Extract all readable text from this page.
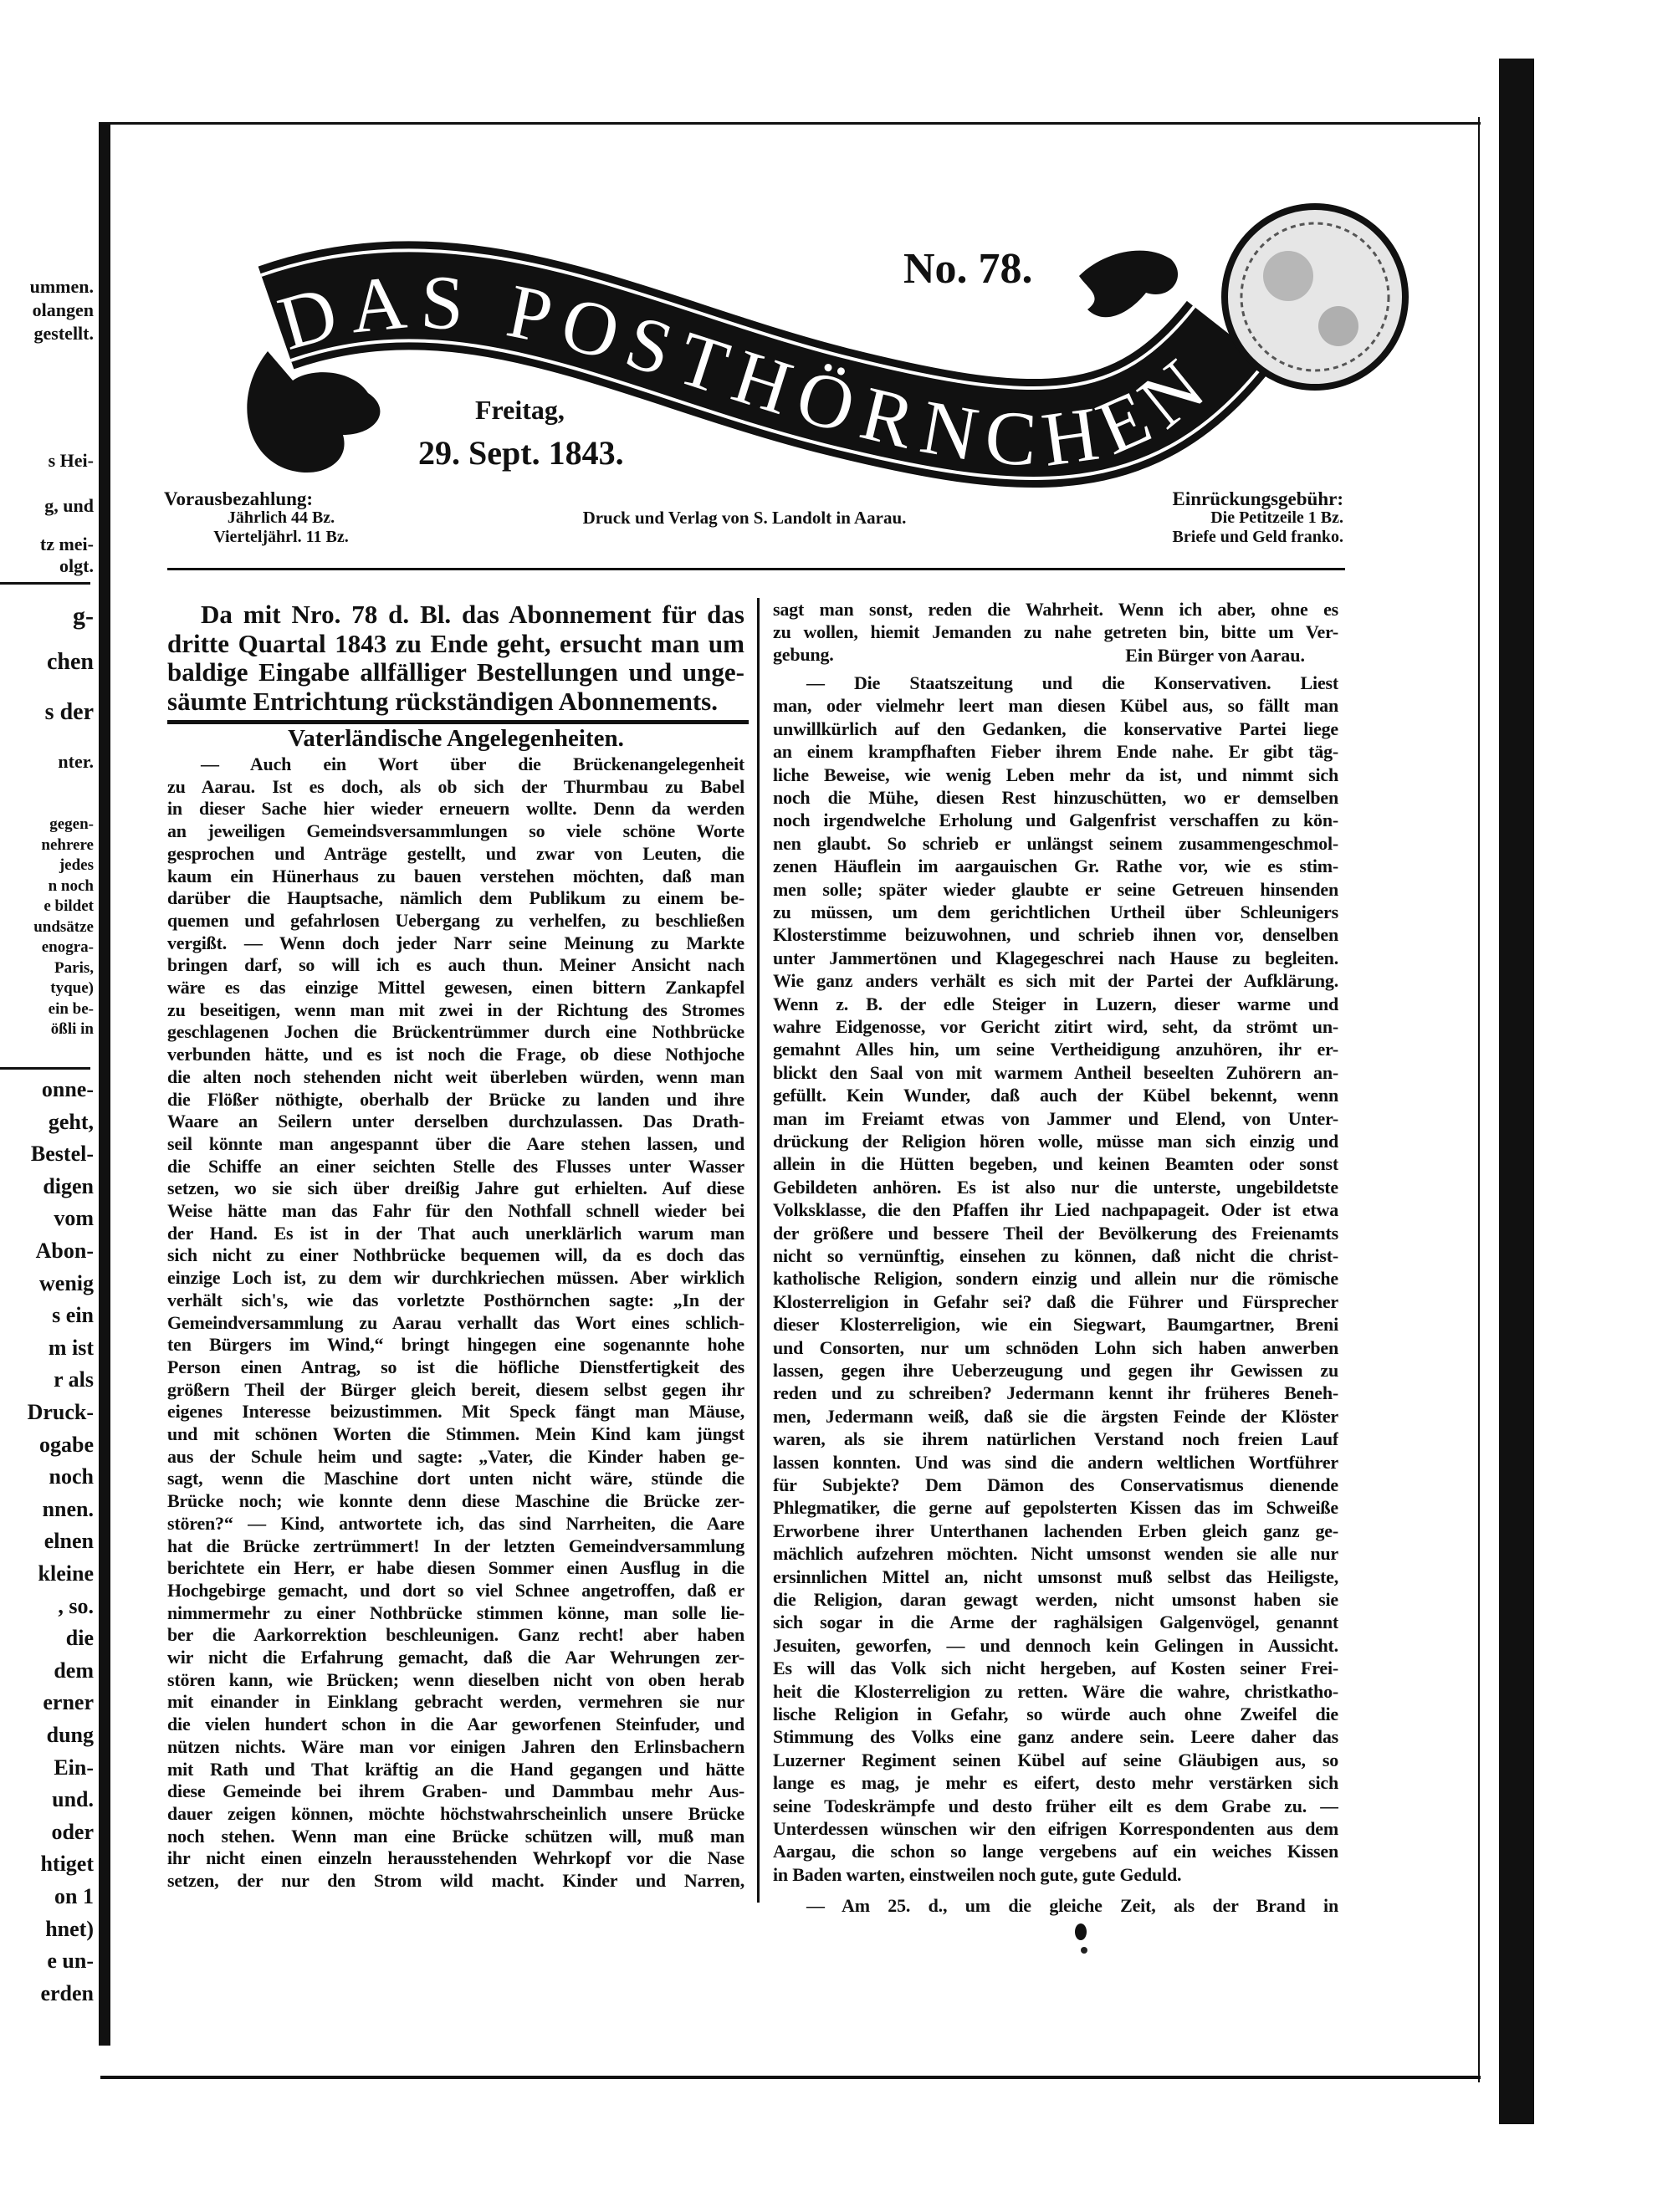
ummen.
olangen
gestellt.
s Hei-
g, und
tz mei-
olgt.
g-
chen
s der
nter.
gegen-
nehrere
jedes
n noch
e bildet
undsätze
enogra-
Paris,
tyque)
ein be-
ößli in
onne-
geht,
Bestel-
digen
vom
Abon-
wenig
s ein
m ist
r als
Druck-
ogabe
noch
nnen.
elnen
kleine
, so.
die
dem
erner
dung
Ein-
und.
oder
htiget
on 1
hnet)
e un-
erden
DAS POSTHÖRNCHEN
No. 78.
Freitag,
29. Sept. 1843.
Vorausbezahlung:
Jährlich 44 Bz.
Vierteljährl. 11 Bz.
Druck und Verlag von S. Landolt in Aarau.
Einrückungsgebühr:
Die Petitzeile 1 Bz.
Briefe und Geld franko.
Da mit Nro. 78 d. Bl. das Abonnement für das
dritte Quartal 1843 zu Ende geht, ersucht man um
baldige Eingabe allfälliger Bestellungen und unge-
säumte Entrichtung rückständigen Abonnements.
Vaterländische Angelegenheiten.
— Auch ein Wort über die Brückenangelegenheit
zu Aarau. Ist es doch, als ob sich der Thurmbau zu Babel
in dieser Sache hier wieder erneuern wollte. Denn da werden
an jeweiligen Gemeindsversammlungen so viele schöne Worte
gesprochen und Anträge gestellt, und zwar von Leuten, die
kaum ein Hünerhaus zu bauen verstehen möchten, daß man
darüber die Hauptsache, nämlich dem Publikum zu einem be-
quemen und gefahrlosen Uebergang zu verhelfen, zu beschließen
vergißt. — Wenn doch jeder Narr seine Meinung zu Markte
bringen darf, so will ich es auch thun. Meiner Ansicht nach
wäre es das einzige Mittel gewesen, einen bittern Zankapfel
zu beseitigen, wenn man mit zwei in der Richtung des Stromes
geschlagenen Jochen die Brückentrümmer durch eine Nothbrücke
verbunden hätte, und es ist noch die Frage, ob diese Nothjoche
die alten noch stehenden nicht weit überleben würden, wenn man
die Flößer nöthigte, oberhalb der Brücke zu landen und ihre
Waare an Seilern unter derselben durchzulassen. Das Drath-
seil könnte man angespannt über die Aare stehen lassen, und
die Schiffe an einer seichten Stelle des Flusses unter Wasser
setzen, wo sie sich über dreißig Jahre gut erhielten. Auf diese
Weise hätte man das Fahr für den Nothfall schnell wieder bei
der Hand. Es ist in der That auch unerklärlich warum man
sich nicht zu einer Nothbrücke bequemen will, da es doch das
einzige Loch ist, zu dem wir durchkriechen müssen. Aber wirklich
verhält sich's, wie das vorletzte Posthörnchen sagte: „In der
Gemeindversammlung zu Aarau verhallt das Wort eines schlich-
ten Bürgers im Wind,“ bringt hingegen eine sogenannte hohe
Person einen Antrag, so ist die höfliche Dienstfertigkeit des
größern Theil der Bürger gleich bereit, diesem selbst gegen ihr
eigenes Interesse beizustimmen. Mit Speck fängt man Mäuse,
und mit schönen Worten die Stimmen. Mein Kind kam jüngst
aus der Schule heim und sagte: „Vater, die Kinder haben ge-
sagt, wenn die Maschine dort unten nicht wäre, stünde die
Brücke noch; wie konnte denn diese Maschine die Brücke zer-
stören?“ — Kind, antwortete ich, das sind Narrheiten, die Aare
hat die Brücke zertrümmert! In der letzten Gemeindversammlung
berichtete ein Herr, er habe diesen Sommer einen Ausflug in die
Hochgebirge gemacht, und dort so viel Schnee angetroffen, daß er
nimmermehr zu einer Nothbrücke stimmen könne, man solle lie-
ber die Aarkorrektion beschleunigen. Ganz recht! aber haben
wir nicht die Erfahrung gemacht, daß die Aar Wehrungen zer-
stören kann, wie Brücken; wenn dieselben nicht von oben herab
mit einander in Einklang gebracht werden, vermehren sie nur
die vielen hundert schon in die Aar geworfenen Steinfuder, und
nützen nichts. Wäre man vor einigen Jahren den Erlinsbachern
mit Rath und That kräftig an die Hand gegangen und hätte
diese Gemeinde bei ihrem Graben- und Dammbau mehr Aus-
dauer zeigen können, möchte höchstwahrscheinlich unsere Brücke
noch stehen. Wenn man eine Brücke schützen will, muß man
ihr nicht einen einzeln herausstehenden Wehrkopf vor die Nase
setzen, der nur den Strom wild macht. Kinder und Narren,
sagt man sonst, reden die Wahrheit. Wenn ich aber, ohne es
zu wollen, hiemit Jemanden zu nahe getreten bin, bitte um Ver-
gebung.	Ein Bürger von Aarau.
— Die Staatszeitung und die Konservativen. Liest
man, oder vielmehr leert man diesen Kübel aus, so fällt man
unwillkürlich auf den Gedanken, die konservative Partei liege
an einem krampfhaften Fieber ihrem Ende nahe. Er gibt täg-
liche Beweise, wie wenig Leben mehr da ist, und nimmt sich
noch die Mühe, diesen Rest hinzuschütten, wo er demselben
noch irgendwelche Erholung und Galgenfrist verschaffen zu kön-
nen glaubt. So schrieb er unlängst seinem zusammengeschmol-
zenen Häuflein im aargauischen Gr. Rathe vor, wie es stim-
men solle; später wieder glaubte er seine Getreuen hinsenden
zu müssen, um dem gerichtlichen Urtheil über Schleunigers
Klosterstimme beizuwohnen, und schrieb ihnen vor, denselben
unter Jammertönen und Klagegeschrei nach Hause zu begleiten.
Wie ganz anders verhält es sich mit der Partei der Aufklärung.
Wenn z. B. der edle Steiger in Luzern, dieser warme und
wahre Eidgenosse, vor Gericht zitirt wird, seht, da strömt un-
gemahnt Alles hin, um seine Vertheidigung anzuhören, ihr er-
blickt den Saal von mit warmem Antheil beseelten Zuhörern an-
gefüllt. Kein Wunder, daß auch der Kübel bekennt, wenn
man im Freiamt etwas von Jammer und Elend, von Unter-
drückung der Religion hören wolle, müsse man sich einzig und
allein in die Hütten begeben, und keinen Beamten oder sonst
Gebildeten anhören. Es ist also nur die unterste, ungebildetste
Volksklasse, die den Pfaffen ihr Lied nachpapageit. Oder ist etwa
der größere und bessere Theil der Bevölkerung des Freienamts
nicht so vernünftig, einsehen zu können, daß nicht die christ-
katholische Religion, sondern einzig und allein nur die römische
Klosterreligion in Gefahr sei? daß die Führer und Fürsprecher
dieser Klosterreligion, wie ein Siegwart, Baumgartner, Breni
und Consorten, nur um schnöden Lohn sich haben anwerben
lassen, gegen ihre Ueberzeugung und gegen ihr Gewissen zu
reden und zu schreiben? Jedermann kennt ihr früheres Beneh-
men, Jedermann weiß, daß sie die ärgsten Feinde der Klöster
waren, als sie ihrem natürlichen Verstand noch freien Lauf
lassen konnten. Und was sind die andern weltlichen Wortführer
für Subjekte? Dem Dämon des Conservatismus dienende
Phlegmatiker, die gerne auf gepolsterten Kissen das im Schweiße
Erworbene ihrer Unterthanen lachenden Erben gleich ganz ge-
mächlich aufzehren möchten. Nicht umsonst wenden sie alle nur
ersinnlichen Mittel an, nicht umsonst muß selbst das Heiligste,
die Religion, daran gewagt werden, nicht umsonst haben sie
sich sogar in die Arme der raghälsigen Galgenvögel, genannt
Jesuiten, geworfen, — und dennoch kein Gelingen in Aussicht.
Es will das Volk sich nicht hergeben, auf Kosten seiner Frei-
heit die Klosterreligion zu retten. Wäre die wahre, christkatho-
lische Religion in Gefahr, so würde auch ohne Zweifel die
Stimmung des Volks eine ganz andere sein. Leere daher das
Luzerner Regiment seinen Kübel auf seine Gläubigen aus, so
lange es mag, je mehr es eifert, desto mehr verstärken sich
seine Todeskrämpfe und desto früher eilt es dem Grabe zu. —
Unterdessen wünschen wir den eifrigen Korrespondenten aus dem
Aargau, die schon so lange vergebens auf ein weiches Kissen
in Baden warten, einstweilen noch gute, gute Geduld.
— Am 25. d., um die gleiche Zeit, als der Brand in
